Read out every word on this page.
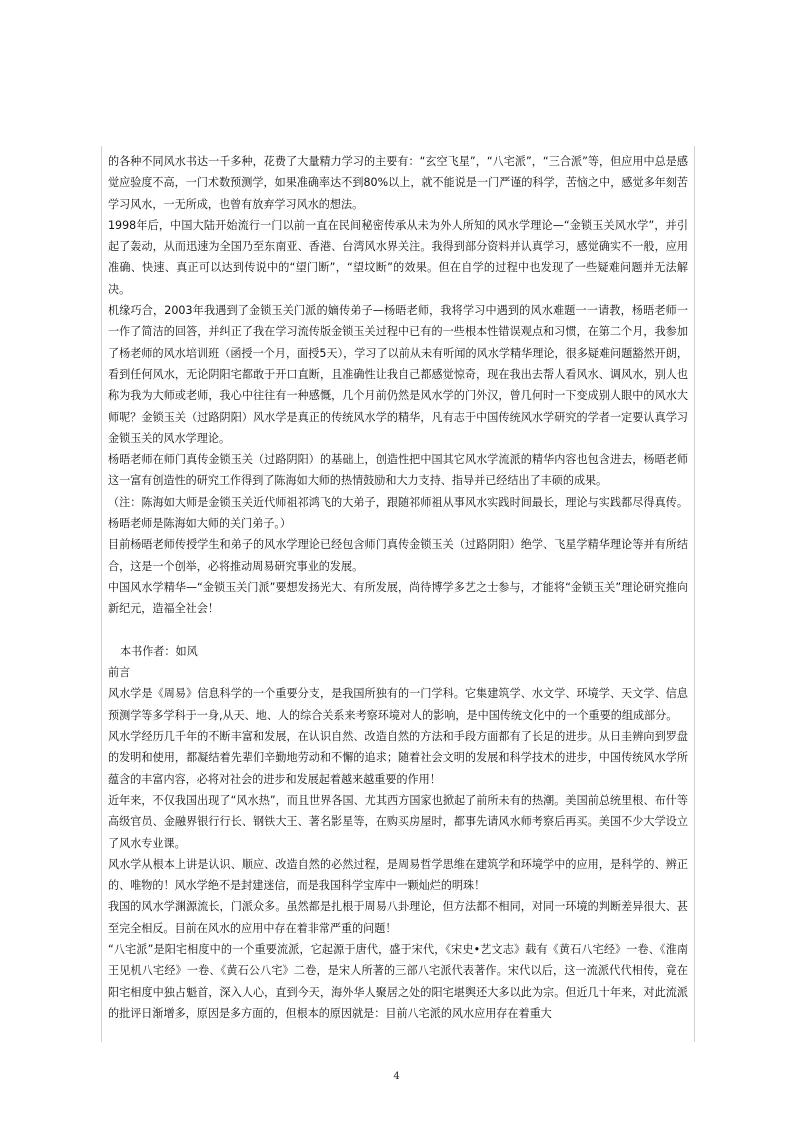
的各种不同风水书达一千多种，花费了大量精力学习的主要有：“玄空飞星”，“八宅派”，“三合派”等，但应用中总是感觉应验度不高，一门术数预测学，如果准确率达不到80%以上，就不能说是一门严谨的科学，苦恼之中，感觉多年刻苦学习风水，一无所成，也曾有放弃学习风水的想法。

1998年后，中国大陆开始流行一门以前一直在民间秘密传承从未为外人所知的风水学理论—“金锁玉关风水学”，并引起了轰动，从而迅速为全国乃至东南亚、香港、台湾风水界关注。我得到部分资料并认真学习，感觉确实不一般，应用准确、快速、真正可以达到传说中的“望门断”，“望坟断”的效果。但在自学的过程中也发现了一些疑难问题并无法解决。

机缘巧合，2003年我遇到了金锁玉关门派的嫡传弟子—杨晤老师，我将学习中遇到的风水难题一一请教，杨晤老师一一作了简洁的回答，并纠正了我在学习流传版金锁玉关过程中已有的一些根本性错误观点和习惯，在第二个月，我参加了杨老师的风水培训班（函授一个月，面授5天），学习了以前从未有听闻的风水学精华理论，很多疑难问题豁然开朗，看到任何风水，无论阴阳宅都敢于开口直断，且准确性让我自己都感觉惊奇，现在我出去帮人看风水、调风水，别人也称为我为大师或老师，我心中往往有一种感慨，几个月前仍然是风水学的门外汉，曾几何时一下变成别人眼中的风水大师呢？金锁玉关（过路阴阳）风水学是真正的传统风水学的精华，凡有志于中国传统风水学研究的学者一定要认真学习金锁玉关的风水学理论。

杨晤老师在师门真传金锁玉关（过路阴阳）的基础上，创造性把中国其它风水学流派的精华内容也包含进去，杨晤老师这一富有创造性的研究工作得到了陈海如大师的热情鼓励和大力支持、指导并已经结出了丰硕的成果。

（注：陈海如大师是金锁玉关近代师祖祁鸿飞的大弟子，跟随祁师祖从事风水实践时间最长，理论与实践都尽得真传。杨晤老师是陈海如大师的关门弟子。）

目前杨晤老师传授学生和弟子的风水学理论已经包含师门真传金锁玉关（过路阴阳）绝学、飞星学精华理论等并有所结合，这是一个创举，必将推动周易研究事业的发展。

中国风水学精华—“金锁玉关门派”要想发扬光大、有所发展，尚待博学多艺之士参与，才能将“金锁玉关”理论研究推向新纪元，造福全社会！

本书作者：如风

前言

风水学是《周易》信息科学的一个重要分支，是我国所独有的一门学科。它集建筑学、水文学、环境学、天文学、信息预测学等多学科于一身,从天、地、人的综合关系来考察环境对人的影响，是中国传统文化中的一个重要的组成部分。

风水学经历几千年的不断丰富和发展，在认识自然、改造自然的方法和手段方面都有了长足的进步。从日圭辨向到罗盘的发明和使用，都凝结着先辈们辛勤地劳动和不懈的追求；随着社会文明的发展和科学技术的进步，中国传统风水学所蕴含的丰富内容，必将对社会的进步和发展起着越来越重要的作用！

近年来，不仅我国出现了“风水热”，而且世界各国、尤其西方国家也掀起了前所未有的热潮。美国前总统里根、布什等高级官员、金融界银行行长、钢铁大王、著名影星等，在购买房屋时，都事先请风水师考察后再买。美国不少大学设立了风水专业课。

风水学从根本上讲是认识、顺应、改造自然的必然过程，是周易哲学思维在建筑学和环境学中的应用，是科学的、辨正的、唯物的！风水学绝不是封建迷信，而是我国科学宝库中一颗灿烂的明珠！

我国的风水学渊源流长，门派众多。虽然都是扎根于周易八卦理论，但方法都不相同，对同一环境的判断差异很大、甚至完全相反。目前在风水的应用中存在着非常严重的问题！

“八宅派”是阳宅相度中的一个重要流派，它起源于唐代，盛于宋代，《宋史•艺文志》载有《黄石八宅经》一卷、《淮南王见机八宅经》一卷、《黄石公八宅》二卷，是宋人所著的三部八宅派代表著作。宋代以后，这一流派代代相传，竟在阳宅相度中独占魁首，深入人心，直到今天，海外华人聚居之处的阳宅堪舆还大多以此为宗。但近几十年来，对此流派的批评日渐增多，原因是多方面的，但根本的原因就是：目前八宅派的风水应用存在着重大

4
